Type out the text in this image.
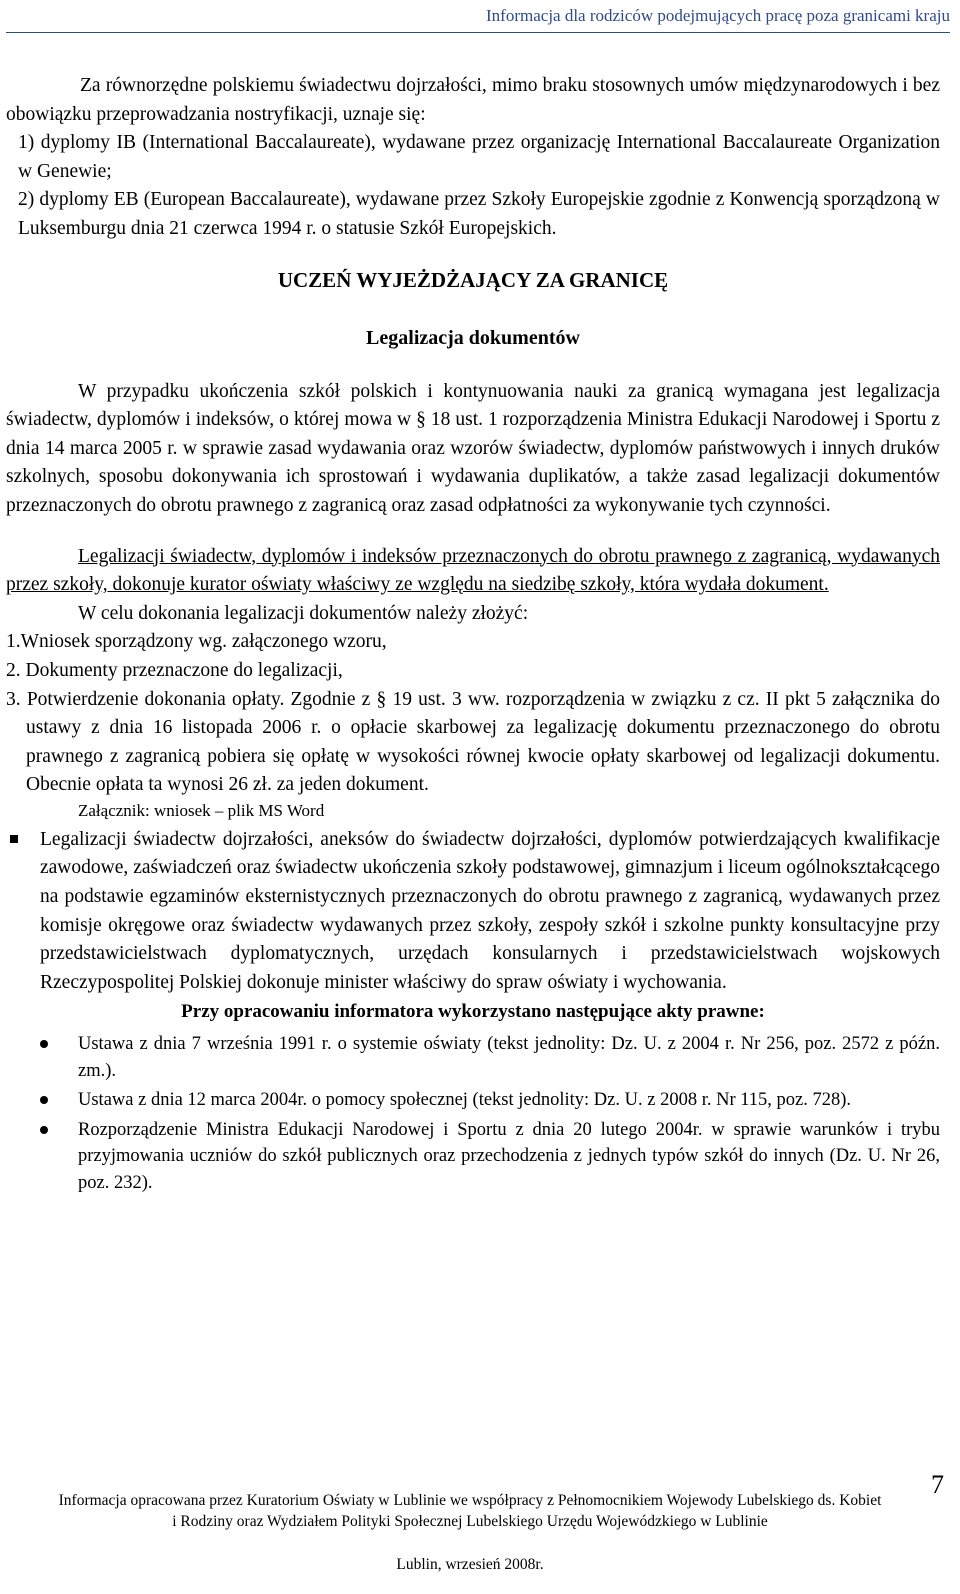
Informacja dla rodziców podejmujących pracę poza granicami kraju

Za równorzędne polskiemu świadectwu dojrzałości, mimo braku stosownych umów międzynarodowych i bez obowiązku przeprowadzania nostryfikacji, uznaje się:

1) dyplomy IB (International Baccalaureate), wydawane przez organizację International Baccalaureate Organization w Genewie;

2) dyplomy EB (European Baccalaureate), wydawane przez Szkoły Europejskie zgodnie z Konwencją sporządzoną w Luksemburgu dnia 21 czerwca 1994 r. o statusie Szkół Europejskich.

UCZEŃ WYJEŻDŻAJĄCY ZA GRANICĘ
Legalizacja dokumentów

W przypadku ukończenia szkół polskich i kontynuowania nauki za granicą wymagana jest legalizacja świadectw, dyplomów i indeksów, o której mowa w § 18 ust. 1 rozporządzenia Ministra Edukacji Narodowej i Sportu z dnia 14 marca 2005 r. w sprawie zasad wydawania oraz wzorów świadectw, dyplomów państwowych i innych druków szkolnych, sposobu dokonywania ich sprostowań i wydawania duplikatów, a także zasad legalizacji dokumentów przeznaczonych do obrotu prawnego z zagranicą oraz zasad odpłatności za wykonywanie tych czynności.

Legalizacji świadectw, dyplomów i indeksów przeznaczonych do obrotu prawnego z zagranicą, wydawanych przez szkoły, dokonuje kurator oświaty właściwy ze względu na siedzibę szkoły, która wydała dokument.

W celu dokonania legalizacji dokumentów należy złożyć:

1.Wniosek sporządzony wg. załączonego wzoru,
2. Dokumenty przeznaczone do legalizacji,
3. Potwierdzenie dokonania opłaty. Zgodnie z § 19 ust. 3 ww. rozporządzenia w związku z cz. II pkt 5 załącznika do ustawy z dnia 16 listopada 2006 r. o opłacie skarbowej za legalizację dokumentu przeznaczonego do obrotu prawnego z zagranicą pobiera się opłatę w wysokości równej kwocie opłaty skarbowej od legalizacji dokumentu. Obecnie opłata ta wynosi 26 zł. za jeden dokument.

Załącznik: wniosek – plik MS Word

Legalizacji świadectw dojrzałości, aneksów do świadectw dojrzałości, dyplomów potwierdzających kwalifikacje zawodowe, zaświadczeń oraz świadectw ukończenia szkoły podstawowej, gimnazjum i liceum ogólnokształcącego na podstawie egzaminów eksternistycznych przeznaczonych do obrotu prawnego z zagranicą, wydawanych przez komisje okręgowe oraz świadectw wydawanych przez szkoły, zespoły szkół i szkolne punkty konsultacyjne przy przedstawicielstwach dyplomatycznych, urzędach konsularnych i przedstawicielstwach wojskowych Rzeczypospolitej Polskiej dokonuje minister właściwy do spraw oświaty i wychowania.
Przy opracowaniu informatora wykorzystano następujące akty prawne:
Ustawa z dnia 7 września 1991 r. o systemie oświaty (tekst jednolity: Dz. U. z 2004 r. Nr 256, poz. 2572 z późn. zm.).
Ustawa z dnia 12 marca 2004r. o pomocy społecznej (tekst jednolity: Dz. U. z 2008 r. Nr 115, poz. 728).
Rozporządzenie Ministra Edukacji Narodowej i Sportu z dnia 20 lutego 2004r. w sprawie warunków i trybu przyjmowania uczniów do szkół publicznych oraz przechodzenia z jednych typów szkół do innych (Dz. U. Nr 26, poz. 232).
7
Informacja opracowana przez Kuratorium Oświaty w Lublinie we współpracy z Pełnomocnikiem Wojewody Lubelskiego ds. Kobiet
i Rodziny oraz Wydziałem Polityki Społecznej Lubelskiego Urzędu Wojewódzkiego w Lublinie
Lublin, wrzesień 2008r.
